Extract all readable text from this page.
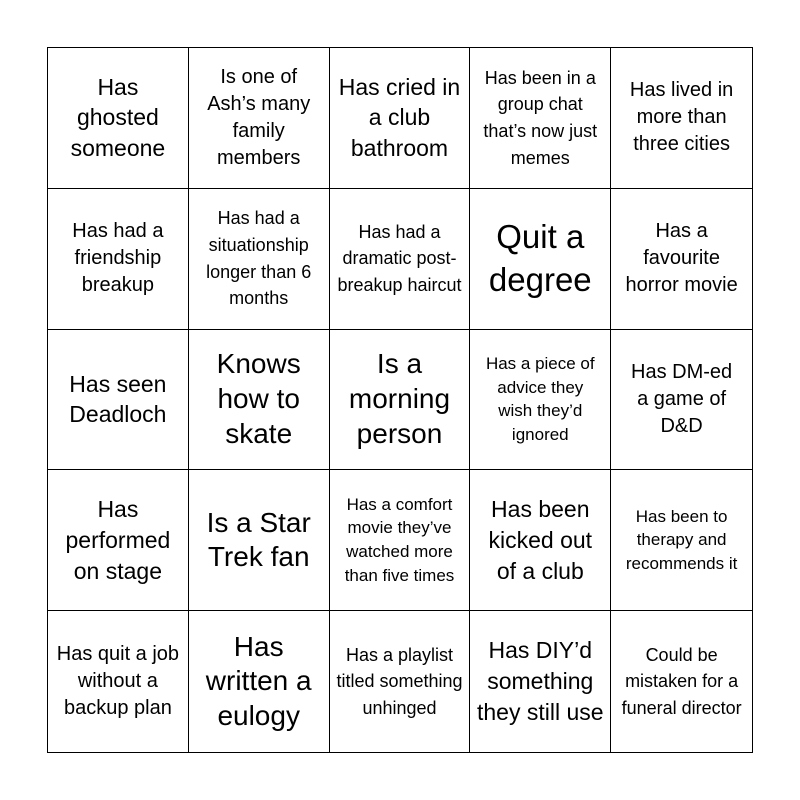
Has ghosted someone
Is one of Ash’s many family members
Has cried in a club bathroom
Has been in a group chat that’s now just memes
Has lived in more than three cities
Has had a friendship breakup
Has had a situationship longer than 6 months
Has had a dramatic post-breakup haircut
Quit a degree
Has a favourite horror movie
Has seen Deadloch
Knows how to skate
Is a morning person
Has a piece of advice they wish they’d ignored
Has DM-ed a game of D&D
Has performed on stage
Is a Star Trek fan
Has a comfort movie they’ve watched more than five times
Has been kicked out of a club
Has been to therapy and recommends it
Has quit a job without a backup plan
Has written a eulogy
Has a playlist titled something unhinged
Has DIY’d something they still use
Could be mistaken for a funeral director
